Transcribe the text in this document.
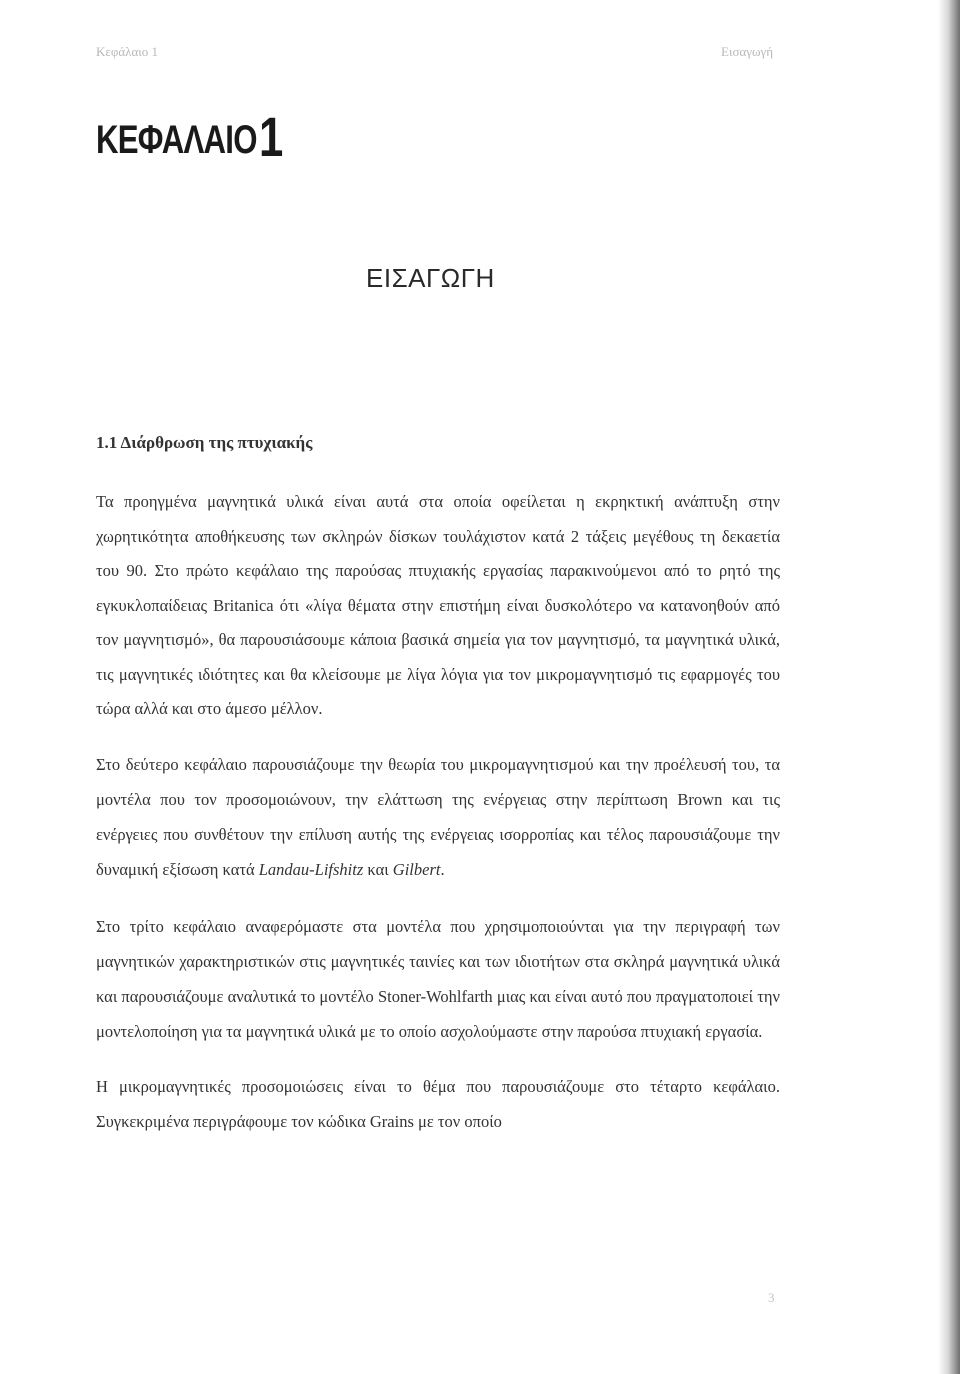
Κεφάλαιο 1	Εισαγωγή
ΚΕΦΑΛΑΙΟ1
ΕΙΣΑΓΩΓΗ
1.1 Διάρθρωση της πτυχιακής

Τα προηγμένα μαγνητικά υλικά είναι αυτά στα οποία οφείλεται η εκρηκτική ανάπτυξη στην χωρητικότητα αποθήκευσης των σκληρών δίσκων τουλάχιστον κατά 2 τάξεις μεγέθους τη δεκαετία του 90. Στο πρώτο κεφάλαιο της παρούσας πτυχιακής εργασίας παρακινούμενοι από το ρητό της εγκυκλοπαίδειας Britanica ότι «λίγα θέματα στην επιστήμη είναι δυσκολότερο να κατανοηθούν από τον μαγνητισμό», θα παρουσιάσουμε κάποια βασικά σημεία για τον μαγνητισμό, τα μαγνητικά υλικά, τις μαγνητικές ιδιότητες και θα κλείσουμε με λίγα λόγια για τον μικρομαγνητισμό τις εφαρμογές του τώρα αλλά και στο άμεσο μέλλον.

Στο δεύτερο κεφάλαιο παρουσιάζουμε την θεωρία του μικρομαγνητισμού και την προέλευσή του, τα μοντέλα που τον προσομοιώνουν, την ελάττωση της ενέργειας στην περίπτωση Brown και τις ενέργειες που συνθέτουν την επίλυση αυτής της ενέργειας ισορροπίας και τέλος παρουσιάζουμε την δυναμική εξίσωση κατά Landau-Lifshitz και Gilbert.

Στο τρίτο κεφάλαιο αναφερόμαστε στα μοντέλα που χρησιμοποιούνται για την περιγραφή των μαγνητικών χαρακτηριστικών στις μαγνητικές ταινίες και των ιδιοτήτων στα σκληρά μαγνητικά υλικά και παρουσιάζουμε αναλυτικά το μοντέλο Stoner-Wohlfarth μιας και είναι αυτό που πραγματοποιεί την μοντελοποίηση για τα μαγνητικά υλικά με το οποίο ασχολούμαστε στην παρούσα πτυχιακή εργασία.

Η μικρομαγνητικές προσομοιώσεις είναι το θέμα που παρουσιάζουμε στο τέταρτο κεφάλαιο. Συγκεκριμένα περιγράφουμε τον κώδικα Grains με τον οποίο

3
